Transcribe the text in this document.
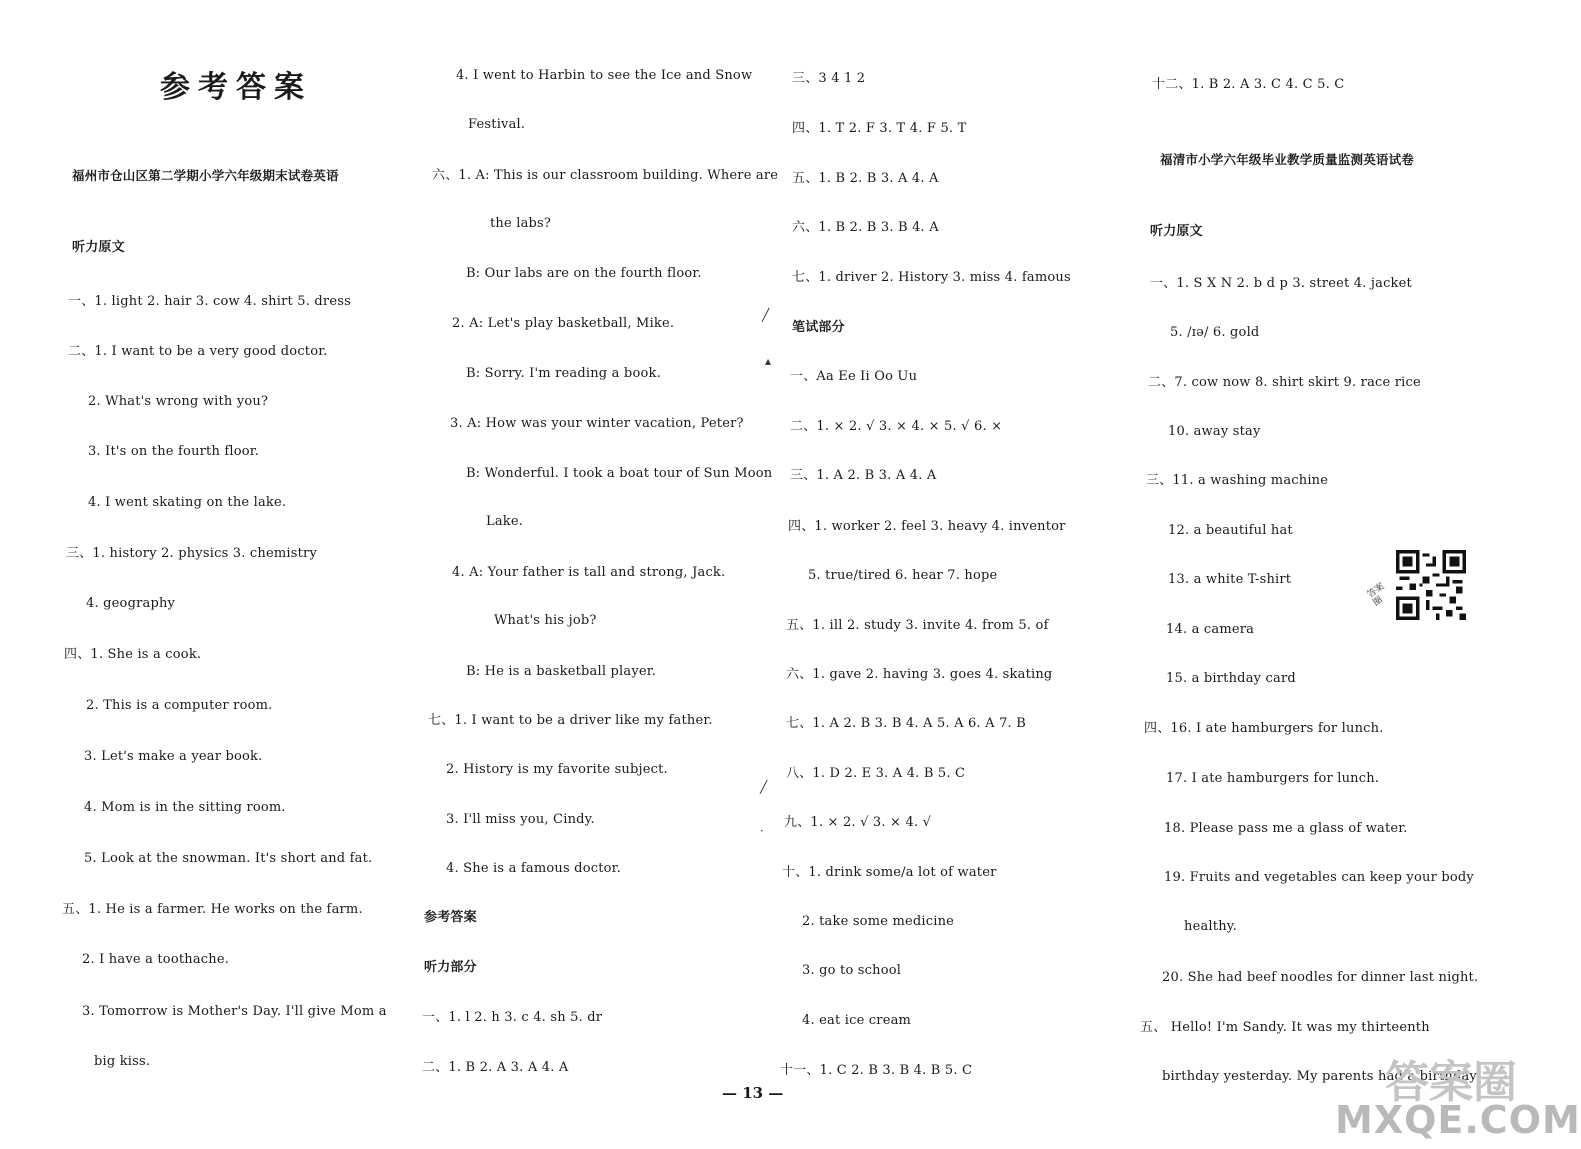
参考答案
福州市仓山区第二学期小学六年级期末试卷英语
听力原文
一、1. light 2. hair 3. cow 4. shirt 5. dress
二、1. I want to be a very good doctor.
2. What's wrong with you?
3. It's on the fourth floor.
4. I went skating on the lake.
三、1. history 2. physics 3. chemistry
4. geography
四、1. She is a cook.
2. This is a computer room.
3. Let's make a year book.
4. Mom is in the sitting room.
5. Look at the snowman. It's short and fat.
五、1. He is a farmer. He works on the farm.
2. I have a toothache.
3. Tomorrow is Mother's Day. I'll give Mom a
big kiss.
4. I went to Harbin to see the Ice and Snow
Festival.
六、1. A: This is our classroom building. Where are
the labs?
B: Our labs are on the fourth floor.
2. A: Let's play basketball, Mike.
B: Sorry. I'm reading a book.
3. A: How was your winter vacation, Peter?
B: Wonderful. I took a boat tour of Sun Moon
Lake.
4. A: Your father is tall and strong, Jack.
What's his job?
B: He is a basketball player.
七、1. I want to be a driver like my father.
2. History is my favorite subject.
3. I'll miss you, Cindy.
4. She is a famous doctor.
参考答案
听力部分
一、1. l 2. h 3. c 4. sh 5. dr
二、1. B 2. A 3. A 4. A
╱
▴
╱
·
三、3 4 1 2
四、1. T 2. F 3. T 4. F 5. T
五、1. B 2. B 3. A 4. A
六、1. B 2. B 3. B 4. A
七、1. driver 2. History 3. miss 4. famous
笔试部分
一、Aa Ee Ii Oo Uu
二、1. × 2. √ 3. × 4. × 5. √ 6. ×
三、1. A 2. B 3. A 4. A
四、1. worker 2. feel 3. heavy 4. inventor
5. true/tired 6. hear 7. hope
五、1. ill 2. study 3. invite 4. from 5. of
六、1. gave 2. having 3. goes 4. skating
七、1. A 2. B 3. B 4. A 5. A 6. A 7. B
八、1. D 2. E 3. A 4. B 5. C
九、1. × 2. √ 3. × 4. √
十、1. drink some/a lot of water
2. take some medicine
3. go to school
4. eat ice cream
十一、1. C 2. B 3. B 4. B 5. C
— 13 —
十二、1. B 2. A 3. C 4. C 5. C
福清市小学六年级毕业教学质量监测英语试卷
听力原文
一、1. S X N 2. b d p 3. street 4. jacket
5. /ɪə/ 6. gold
二、7. cow now 8. shirt skirt 9. race rice
10. away stay
三、11. a washing machine
12. a beautiful hat
13. a white T-shirt
14. a camera
15. a birthday card
四、16. I ate hamburgers for lunch.
17. I ate hamburgers for lunch.
18. Please pass me a glass of water.
19. Fruits and vegetables can keep your body
healthy.
20. She had beef noodles for dinner last night.
五、 Hello! I'm Sandy. It was my thirteenth
birthday yesterday. My parents had a birthday
答案
圈
答案圈
MXQE.COM
